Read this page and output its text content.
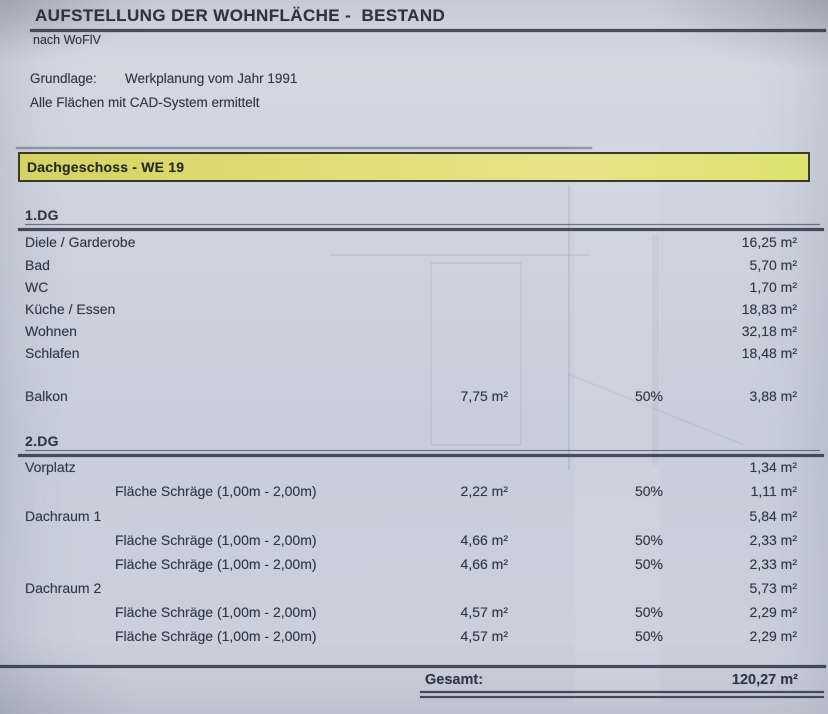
AUFSTELLUNG DER WOHNFLÄCHE -  BESTAND
nach WoFlV
Grundlage: Werkplanung vom Jahr 1991
Alle Flächen mit CAD-System ermittelt
Dachgeschoss - WE 19
1.DG
Diele / Garderobe	16,25 m²
Bad	5,70 m²
WC	1,70 m²
Küche / Essen	18,83 m²
Wohnen	32,18 m²
Schlafen	18,48 m²
Balkon	7,75 m²	50%	3,88 m²
2.DG
Vorplatz	1,34 m²
Fläche Schräge (1,00m - 2,00m)	2,22 m²	50%	1,11 m²
Dachraum 1	5,84 m²
Fläche Schräge (1,00m - 2,00m)	4,66 m²	50%	2,33 m²
Fläche Schräge (1,00m - 2,00m)	4,66 m²	50%	2,33 m²
Dachraum 2	5,73 m²
Fläche Schräge (1,00m - 2,00m)	4,57 m²	50%	2,29 m²
Fläche Schräge (1,00m - 2,00m)	4,57 m²	50%	2,29 m²
Gesamt:	120,27 m²
